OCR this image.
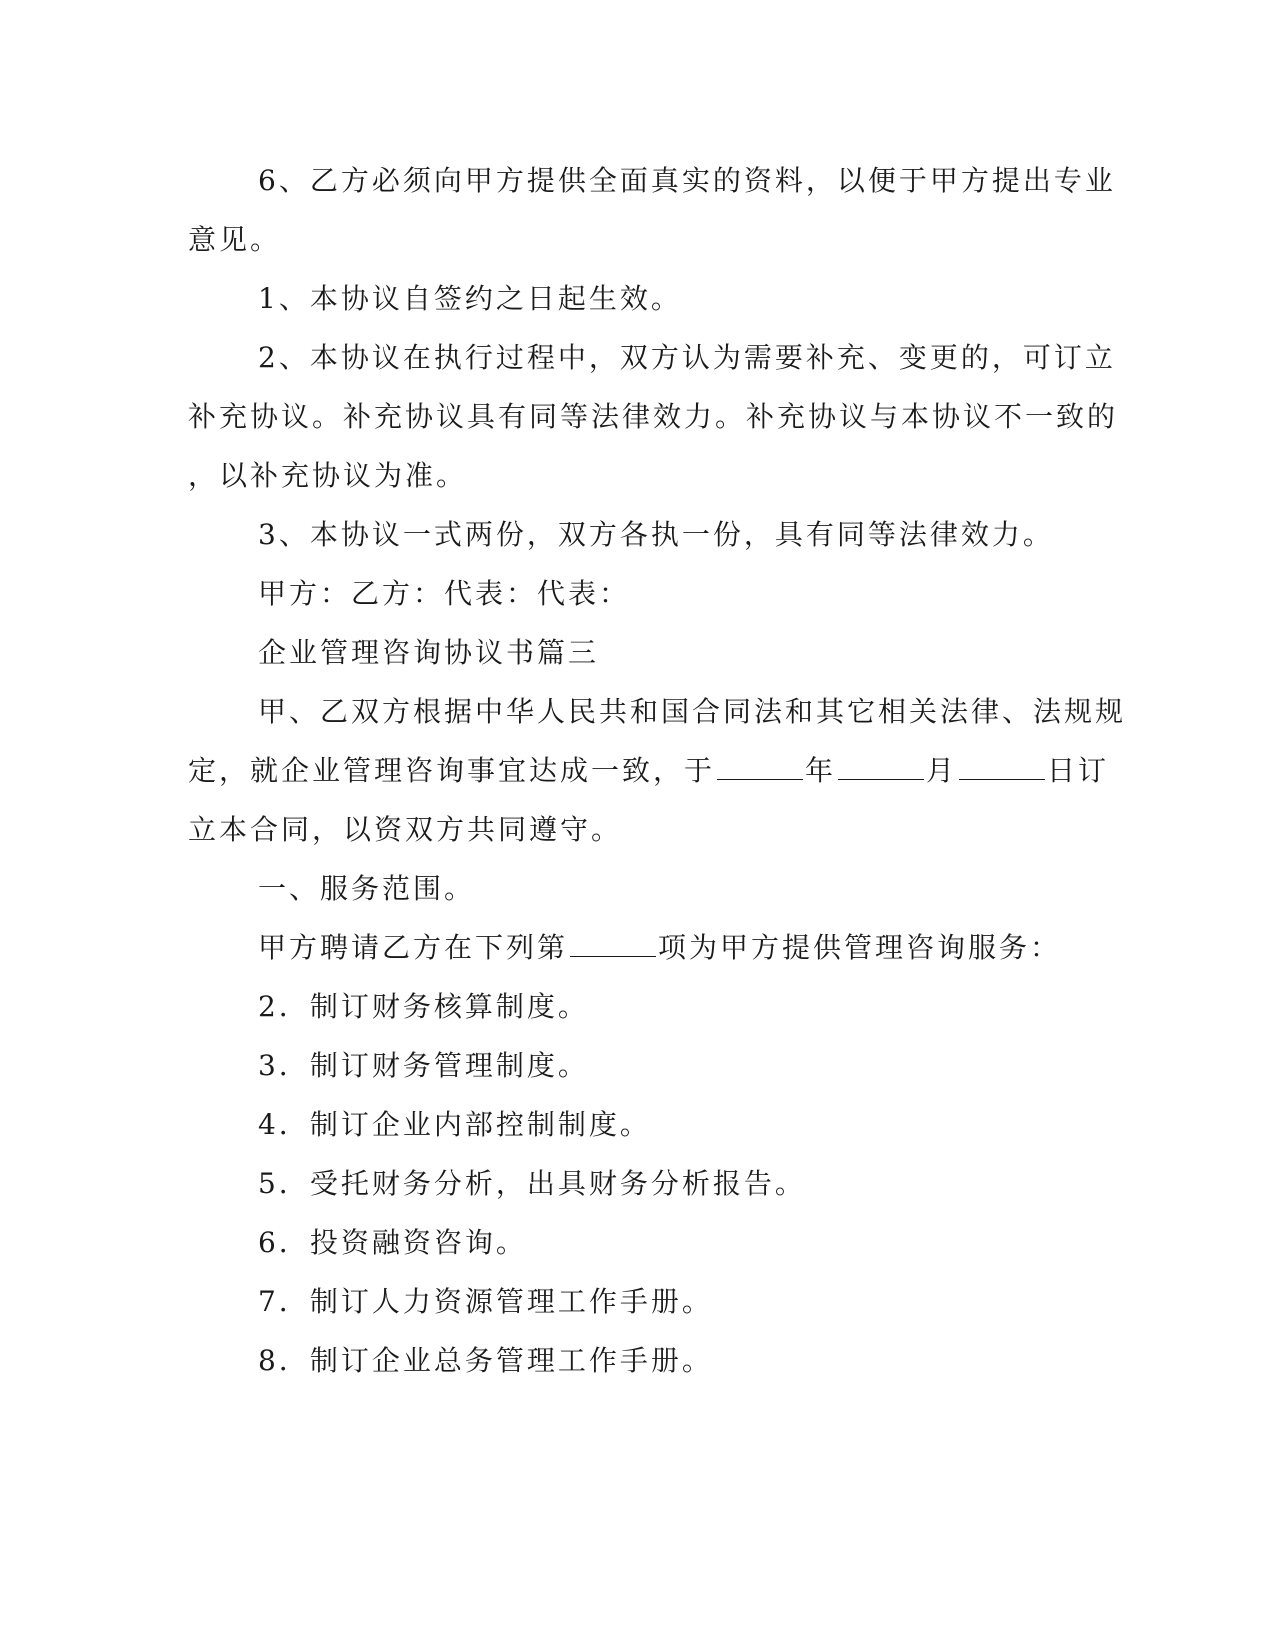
6、乙方必须向甲方提供全面真实的资料，以便于甲方提出专业
意见。
1、本协议自签约之日起生效。
2、本协议在执行过程中，双方认为需要补充、变更的，可订立
补充协议。补充协议具有同等法律效力。补充协议与本协议不一致的
，以补充协议为准。
3、本协议一式两份，双方各执一份，具有同等法律效力。
甲方：乙方：代表：代表：
企业管理咨询协议书篇三
甲、乙双方根据中华人民共和国合同法和其它相关法律、法规规
定，就企业管理咨询事宜达成一致，于	年	月	日订
立本合同，以资双方共同遵守。
一、服务范围。
甲方聘请乙方在下列第	项为甲方提供管理咨询服务：
2．制订财务核算制度。
3．制订财务管理制度。
4．制订企业内部控制制度。
5．受托财务分析，出具财务分析报告。
6．投资融资咨询。
7．制订人力资源管理工作手册。
8．制订企业总务管理工作手册。
